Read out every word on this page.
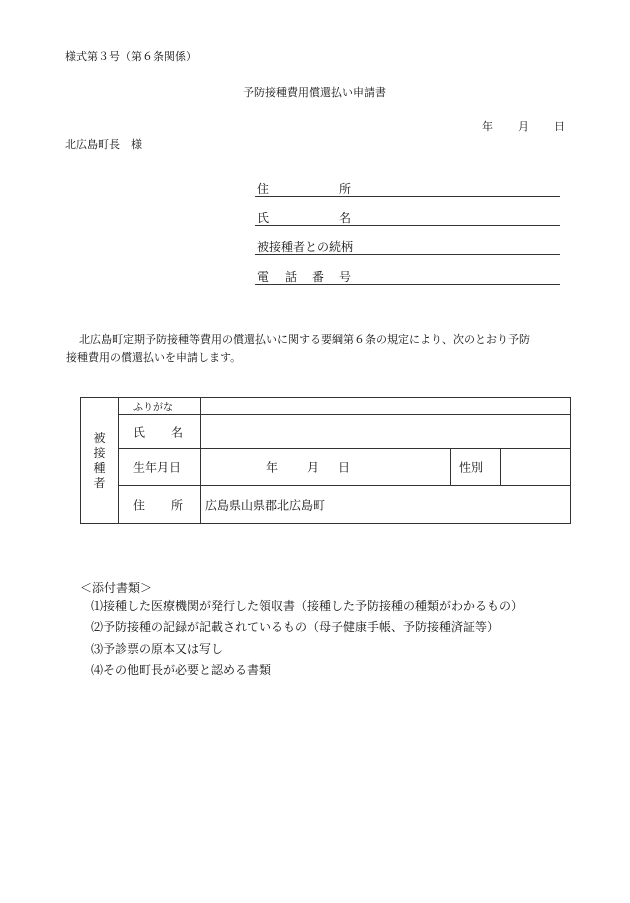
様式第３号（第６条関係）
予防接種費用償還払い申請書
年 月 日
北広島町長　様
住	所
氏	名
被接種者との続柄
電 話 番 号
北広島町定期予防接種等費用の償還払いに関する要綱第６条の規定により、次のとおり予防
接種費用の償還払いを申請します。
被接種者	ふりがな			

	氏 名			

	生年月日	年 月 日	性別	

	住 所	広島県山県郡北広島町		
＜添付書類＞
⑴接種した医療機関が発行した領収書（接種した予防接種の種類がわかるもの）
⑵予防接種の記録が記載されているもの（母子健康手帳、予防接種済証等）
⑶予診票の原本又は写し
⑷その他町長が必要と認める書類
